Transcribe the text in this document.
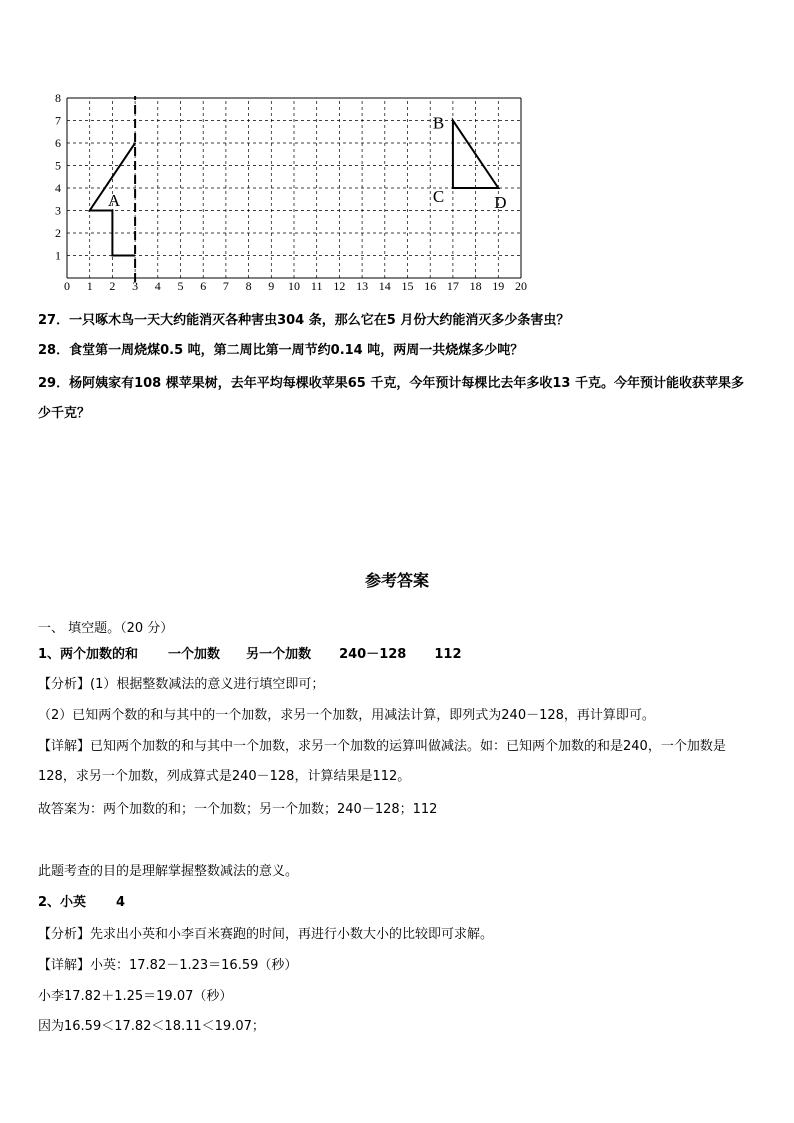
1
2
3
4
5
6
7
8
0 1 2 3 4 5 6 7 8 9 10 11 12 13 14 15 16 17 18 19 20
A
B
C	D

27．一只啄木鸟一天大约能消灭各种害虫304 条，那么它在5 月份大约能消灭多少条害虫？

28．食堂第一周烧煤0.5 吨，第二周比第一周节约0.14 吨，两周一共烧煤多少吨？

29．杨阿姨家有108 棵苹果树，去年平均每棵收苹果65 千克，今年预计每棵比去年多收13 千克。今年预计能收获苹果多少千克？

参考答案

一、 填空题。（20 分）

1、两个加数的和 一个加数 另一个加数 240－128 112

【分析】(1）根据整数减法的意义进行填空即可；

（2）已知两个数的和与其中的一个加数，求另一个加数，用减法计算，即列式为240－128，再计算即可。

【详解】已知两个加数的和与其中一个加数，求另一个加数的运算叫做减法。如：已知两个加数的和是240，一个加数是128，求另一个加数，列成算式是240－128，计算结果是112。

故答案为：两个加数的和；一个加数；另一个加数；240－128；112

此题考查的目的是理解掌握整数减法的意义。

2、小英 4

【分析】先求出小英和小李百米赛跑的时间，再进行小数大小的比较即可求解。

【详解】小英：17.82－1.23＝16.59（秒）

小李17.82＋1.25＝19.07（秒）

因为16.59＜17.82＜18.11＜19.07；
